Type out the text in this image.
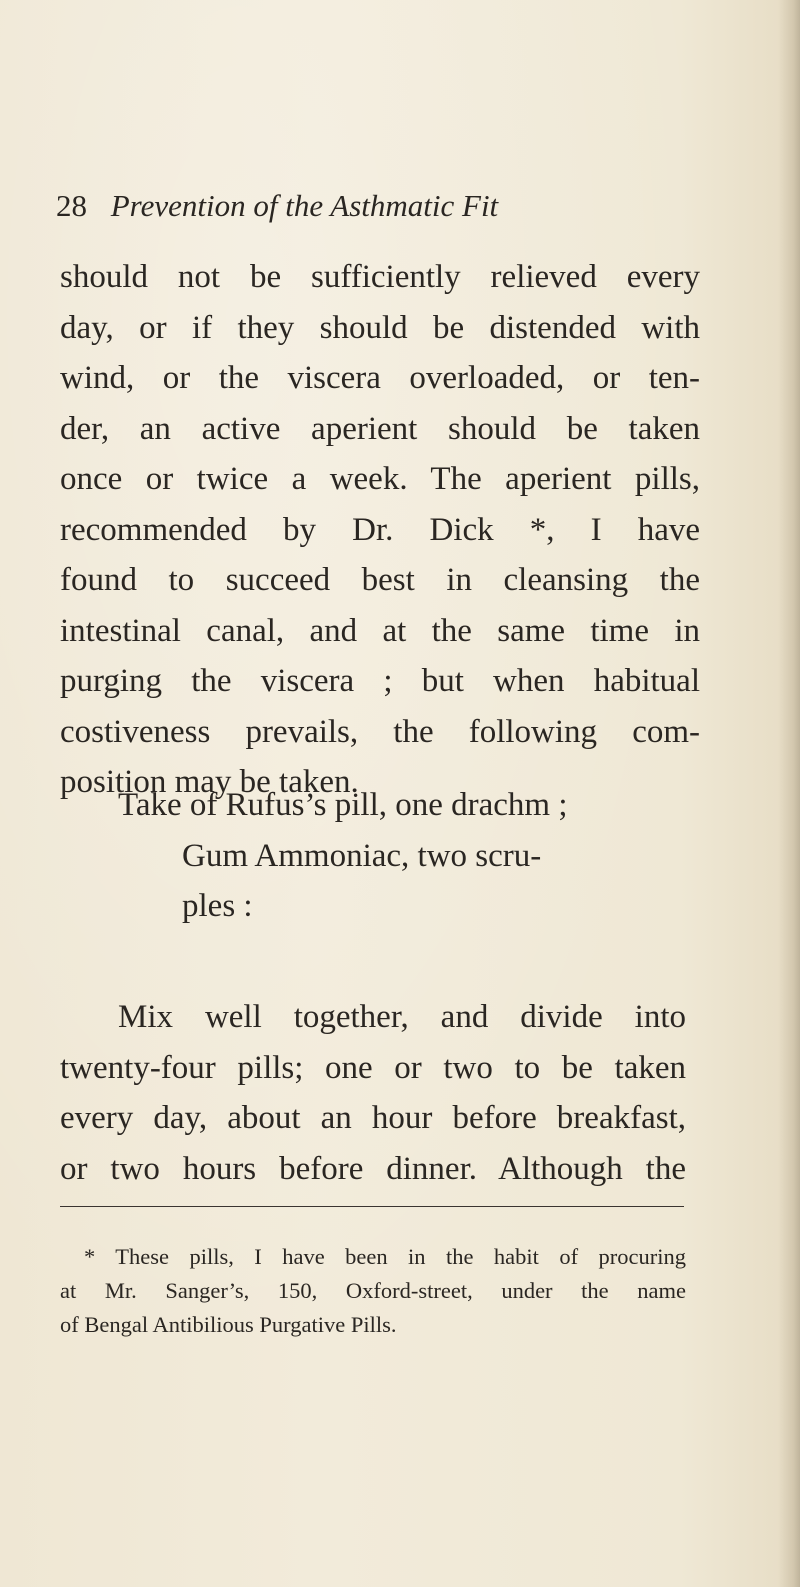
28 Prevention of the Asthmatic Fit
should not be sufficiently relieved every
day, or if they should be distended with
wind, or the viscera overloaded, or ten-
der, an active aperient should be taken
once or twice a week. The aperient pills,
recommended by Dr. Dick *, I have
found to succeed best in cleansing the
intestinal canal, and at the same time in
purging the viscera ; but when habitual
costiveness prevails, the following com-
position may be taken.
Take of Rufus’s pill, one drachm ;
Gum Ammoniac, two scru-
ples :
Mix well together, and divide into
twenty-four pills; one or two to be taken
every day, about an hour before breakfast,
or two hours before dinner. Although the
* These pills, I have been in the habit of procuring
at Mr. Sanger’s, 150, Oxford-street, under the name
of Bengal Antibilious Purgative Pills.
